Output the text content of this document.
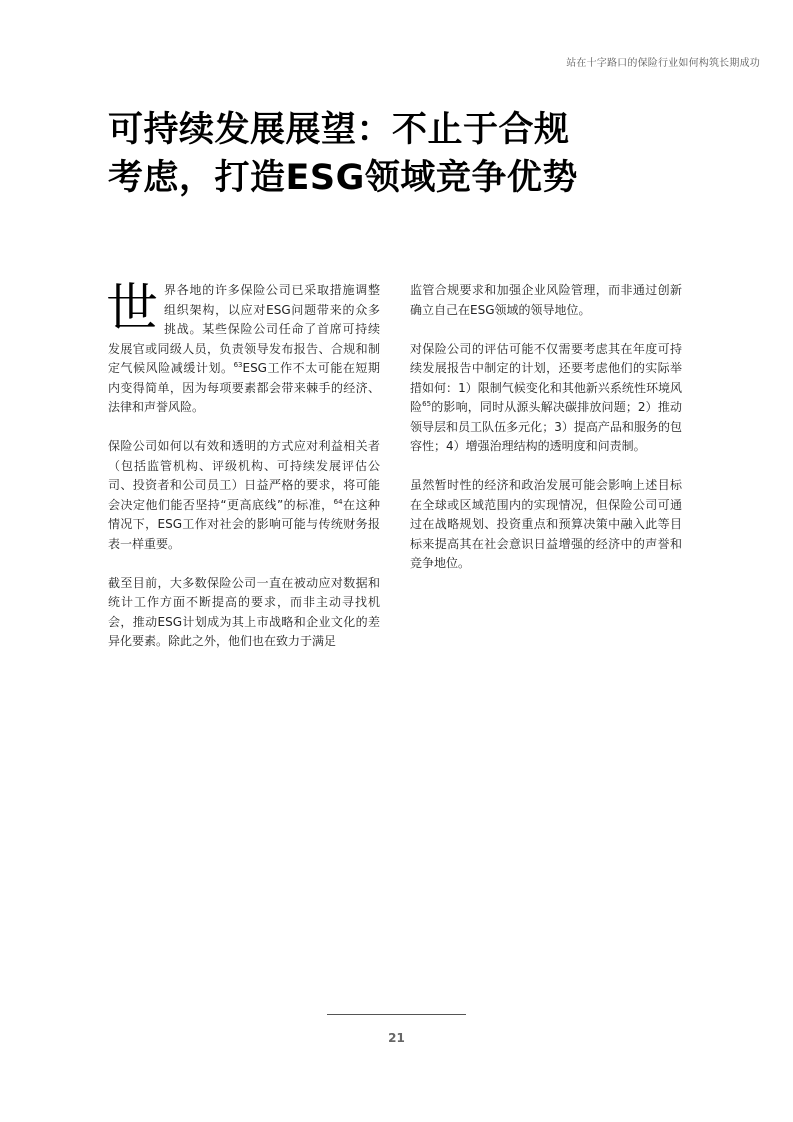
站在十字路口的保险行业如何构筑长期成功
可持续发展展望：不止于合规
考虑，打造ESG领域竞争优势

世界各地的许多保险公司已采取措施调整组织架构，以应对ESG问题带来的众多挑战。某些保险公司任命了首席可持续发展官或同级人员，负责领导发布报告、合规和制定气候风险减缓计划。$^{63}$ESG工作不太可能在短期内变得简单，因为每项要素都会带来棘手的经济、法律和声誉风险。

保险公司如何以有效和透明的方式应对利益相关者（包括监管机构、评级机构、可持续发展评估公司、投资者和公司员工）日益严格的要求，将可能会决定他们能否坚持“更高底线”的标准，$^{64}$在这种情况下，ESG工作对社会的影响可能与传统财务报表一样重要。

截至目前，大多数保险公司一直在被动应对数据和统计工作方面不断提高的要求，而非主动寻找机会，推动ESG计划成为其上市战略和企业文化的差异化要素。除此之外，他们也在致力于满足

监管合规要求和加强企业风险管理，而非通过创新确立自己在ESG领域的领导地位。

对保险公司的评估可能不仅需要考虑其在年度可持续发展报告中制定的计划，还要考虑他们的实际举措如何：1）限制气候变化和其他新兴系统性环境风险$^{65}$的影响，同时从源头解决碳排放问题；2）推动领导层和员工队伍多元化；3）提高产品和服务的包容性；4）增强治理结构的透明度和问责制。

虽然暂时性的经济和政治发展可能会影响上述目标在全球或区域范围内的实现情况，但保险公司可通过在战略规划、投资重点和预算决策中融入此等目标来提高其在社会意识日益增强的经济中的声誉和竞争地位。

21
